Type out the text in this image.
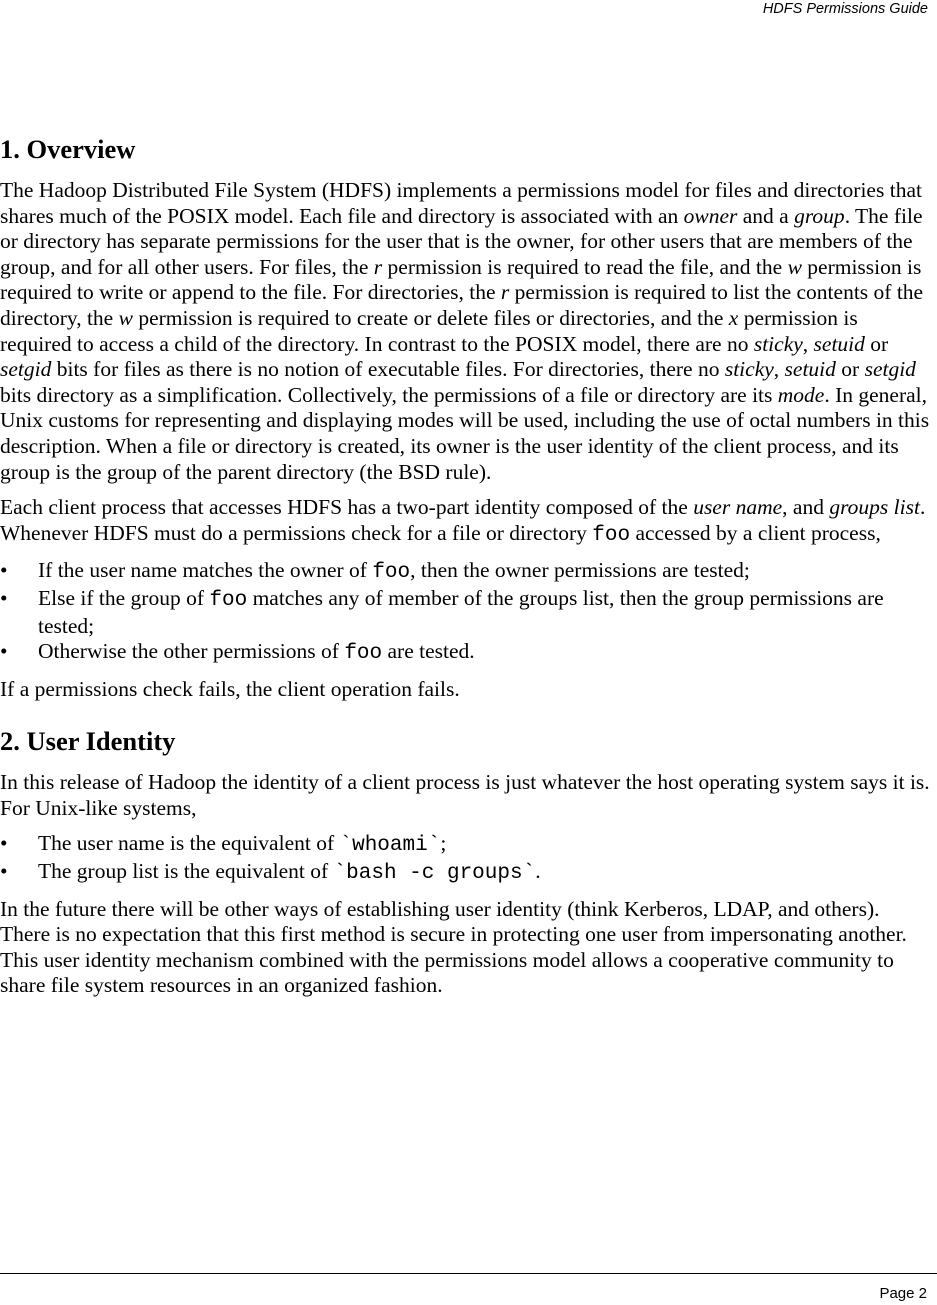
HDFS Permissions Guide
1. Overview

The Hadoop Distributed File System (HDFS) implements a permissions model for files and directories that shares much of the POSIX model. Each file and directory is associated with an owner and a group. The file or directory has separate permissions for the user that is the owner, for other users that are members of the group, and for all other users. For files, the r permission is required to read the file, and the w permission is required to write or append to the file. For directories, the r permission is required to list the contents of the directory, the w permission is required to create or delete files or directories, and the x permission is required to access a child of the directory. In contrast to the POSIX model, there are no sticky, setuid or setgid bits for files as there is no notion of executable files. For directories, there no sticky, setuid or setgid bits directory as a simplification. Collectively, the permissions of a file or directory are its mode. In general, Unix customs for representing and displaying modes will be used, including the use of octal numbers in this description. When a file or directory is created, its owner is the user identity of the client process, and its group is the group of the parent directory (the BSD rule).

Each client process that accesses HDFS has a two-part identity composed of the user name, and groups list. Whenever HDFS must do a permissions check for a file or directory foo accessed by a client process,

• If the user name matches the owner of foo, then the owner permissions are tested;
• Else if the group of foo matches any of member of the groups list, then the group permissions are tested;
• Otherwise the other permissions of foo are tested.

If a permissions check fails, the client operation fails.

2. User Identity

In this release of Hadoop the identity of a client process is just whatever the host operating system says it is. For Unix-like systems,

• The user name is the equivalent of `whoami`;
• The group list is the equivalent of `bash -c groups`.

In the future there will be other ways of establishing user identity (think Kerberos, LDAP, and others). There is no expectation that this first method is secure in protecting one user from impersonating another. This user identity mechanism combined with the permissions model allows a cooperative community to share file system resources in an organized fashion.

Page 2
